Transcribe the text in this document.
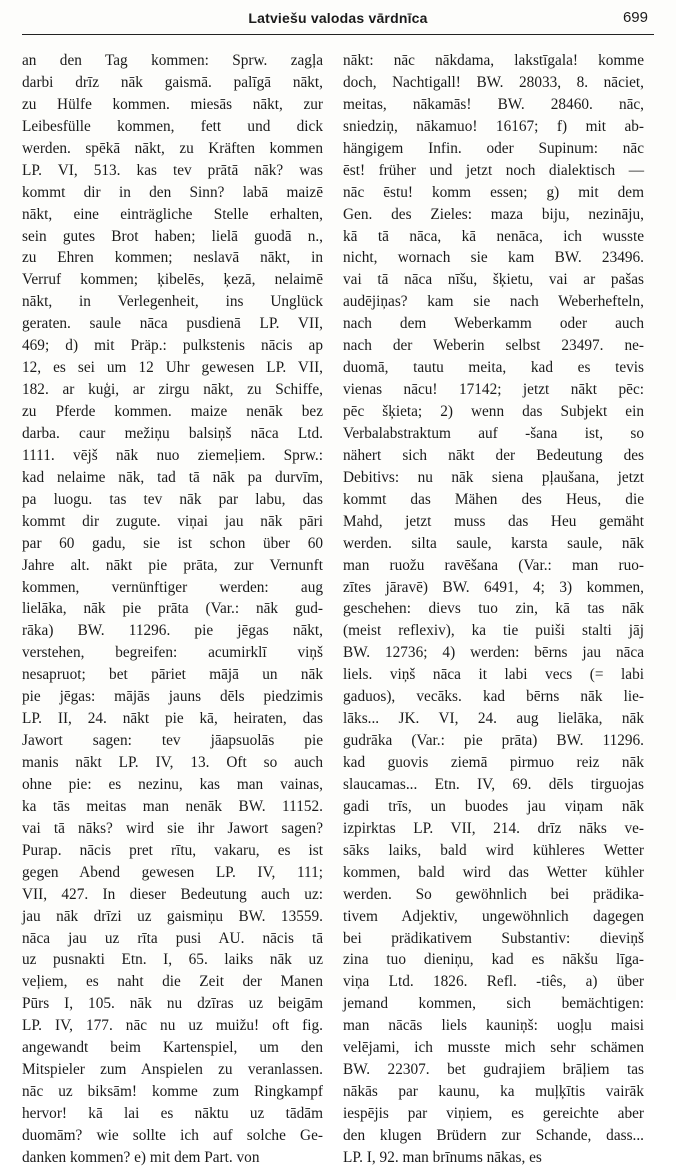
Latviešu valodas vārdnīca	699
an den Tag kommen: Sprw. zagļa
darbi drīz nāk gaismā. palīgā nākt,
zu Hülfe kommen. miesās nākt, zur
Leibesfülle kommen, fett und dick
werden. spēkā nākt, zu Kräften kommen
LP. VI, 513. kas tev prātā nāk? was
kommt dir in den Sinn? labā maizē
nākt, eine einträgliche Stelle erhalten,
sein gutes Brot haben; lielā guodā n.,
zu Ehren kommen; neslavā nākt, in
Verruf kommen; ķibelēs, ķezā, nelaimē
nākt, in Verlegenheit, ins Unglück
geraten. saule nāca pusdienā LP. VII,
469; d) mit Präp.: pulkstenis nācis ap
12, es sei um 12 Uhr gewesen LP. VII,
182. ar kuģi, ar zirgu nākt, zu Schiffe,
zu Pferde kommen. maize nenāk bez
darba. caur mežiņu balsiņš nāca Ltd.
1111. vējš nāk nuo ziemeļiem. Sprw.:
kad nelaime nāk, tad tā nāk pa durvīm,
pa luogu. tas tev nāk par labu, das
kommt dir zugute. viņai jau nāk pāri
par 60 gadu, sie ist schon über 60
Jahre alt. nākt pie prāta, zur Vernunft
kommen, vernünftiger werden: aug
lielāka, nāk pie prāta (Var.: nāk gud-
rāka) BW. 11296. pie jēgas nākt,
verstehen, begreifen: acumirklī viņš
nesapruot; bet pāriet mājā un nāk
pie jēgas: mājās jauns dēls piedzimis
LP. II, 24. nākt pie kā, heiraten, das
Jawort sagen: tev jāapsuolās pie
manis nākt LP. IV, 13. Oft so auch
ohne pie: es nezinu, kas man vainas,
ka tās meitas man nenāk BW. 11152.
vai tā nāks? wird sie ihr Jawort sagen?
Purap. nācis pret rītu, vakaru, es ist
gegen Abend gewesen LP. IV, 111;
VII, 427. In dieser Bedeutung auch uz:
jau nāk drīzi uz gaismiņu BW. 13559.
nāca jau uz rīta pusi AU. nācis tā
uz pusnakti Etn. I, 65. laiks nāk uz
veļiem, es naht die Zeit der Manen
Pūrs I, 105. nāk nu dzīras uz beigām
LP. IV, 177. nāc nu uz muižu! oft fig.
angewandt beim Kartenspiel, um den
Mitspieler zum Anspielen zu veranlassen.
nāc uz biksām! komme zum Ringkampf
hervor! kā lai es nāktu uz tādām
duomām? wie sollte ich auf solche Ge-
danken kommen? e) mit dem Part. von
nākt: nāc nākdama, lakstīgala! komme
doch, Nachtigall! BW. 28033, 8. nāciet,
meitas, nākamās! BW. 28460. nāc,
sniedziņ, nākamuo! 16167; f) mit ab-
hängigem Infin. oder Supinum: nāc
ēst! früher und jetzt noch dialektisch —
nāc ēstu! komm essen; g) mit dem
Gen. des Zieles: maza biju, nezināju,
kā tā nāca, kā nenāca, ich wusste
nicht, wornach sie kam BW. 23496.
vai tā nāca nīšu, šķietu, vai ar pašas
audējiņas? kam sie nach Weberhefteln,
nach dem Weberkamm oder auch
nach der Weberin selbst 23497. ne-
duomā, tautu meita, kad es tevis
vienas nācu! 17142; jetzt nākt pēc:
pēc šķieta; 2) wenn das Subjekt ein
Verbalabstraktum auf -šana ist, so
nähert sich nākt der Bedeutung des
Debitivs: nu nāk siena pļaušana, jetzt
kommt das Mähen des Heus, die
Mahd, jetzt muss das Heu gemäht
werden. silta saule, karsta saule, nāk
man ruožu ravēšana (Var.: man ruo-
zītes jāravē) BW. 6491, 4; 3) kommen,
geschehen: dievs tuo zin, kā tas nāk
(meist reflexiv), ka tie puiši stalti jāj
BW. 12736; 4) werden: bērns jau nāca
liels. viņš nāca it labi vecs (= labi
gaduos), vecāks. kad bērns nāk lie-
lāks... JK. VI, 24. aug lielāka, nāk
gudrāka (Var.: pie prāta) BW. 11296.
kad guovis ziemā pirmuo reiz nāk
slaucamas... Etn. IV, 69. dēls tirguojas
gadi trīs, un buodes jau viņam nāk
izpirktas LP. VII, 214. drīz nāks ve-
sāks laiks, bald wird kühleres Wetter
kommen, bald wird das Wetter kühler
werden. So gewöhnlich bei prädika-
tivem Adjektiv, ungewöhnlich dagegen
bei prädikativem Substantiv: dieviņš
zina tuo dieniņu, kad es nākšu līga-
viņa Ltd. 1826. Refl. -tiês, a) über
jemand kommen, sich bemächtigen:
man nācās liels kauniņš: uogļu maisi
velējami, ich musste mich sehr schämen
BW. 22307. bet gudrajiem brāļiem tas
nākās par kaunu, ka muļķītis vairāk
iespējis par viņiem, es gereichte aber
den klugen Brüdern zur Schande, dass...
LP. I, 92. man brīnums nākas, es
